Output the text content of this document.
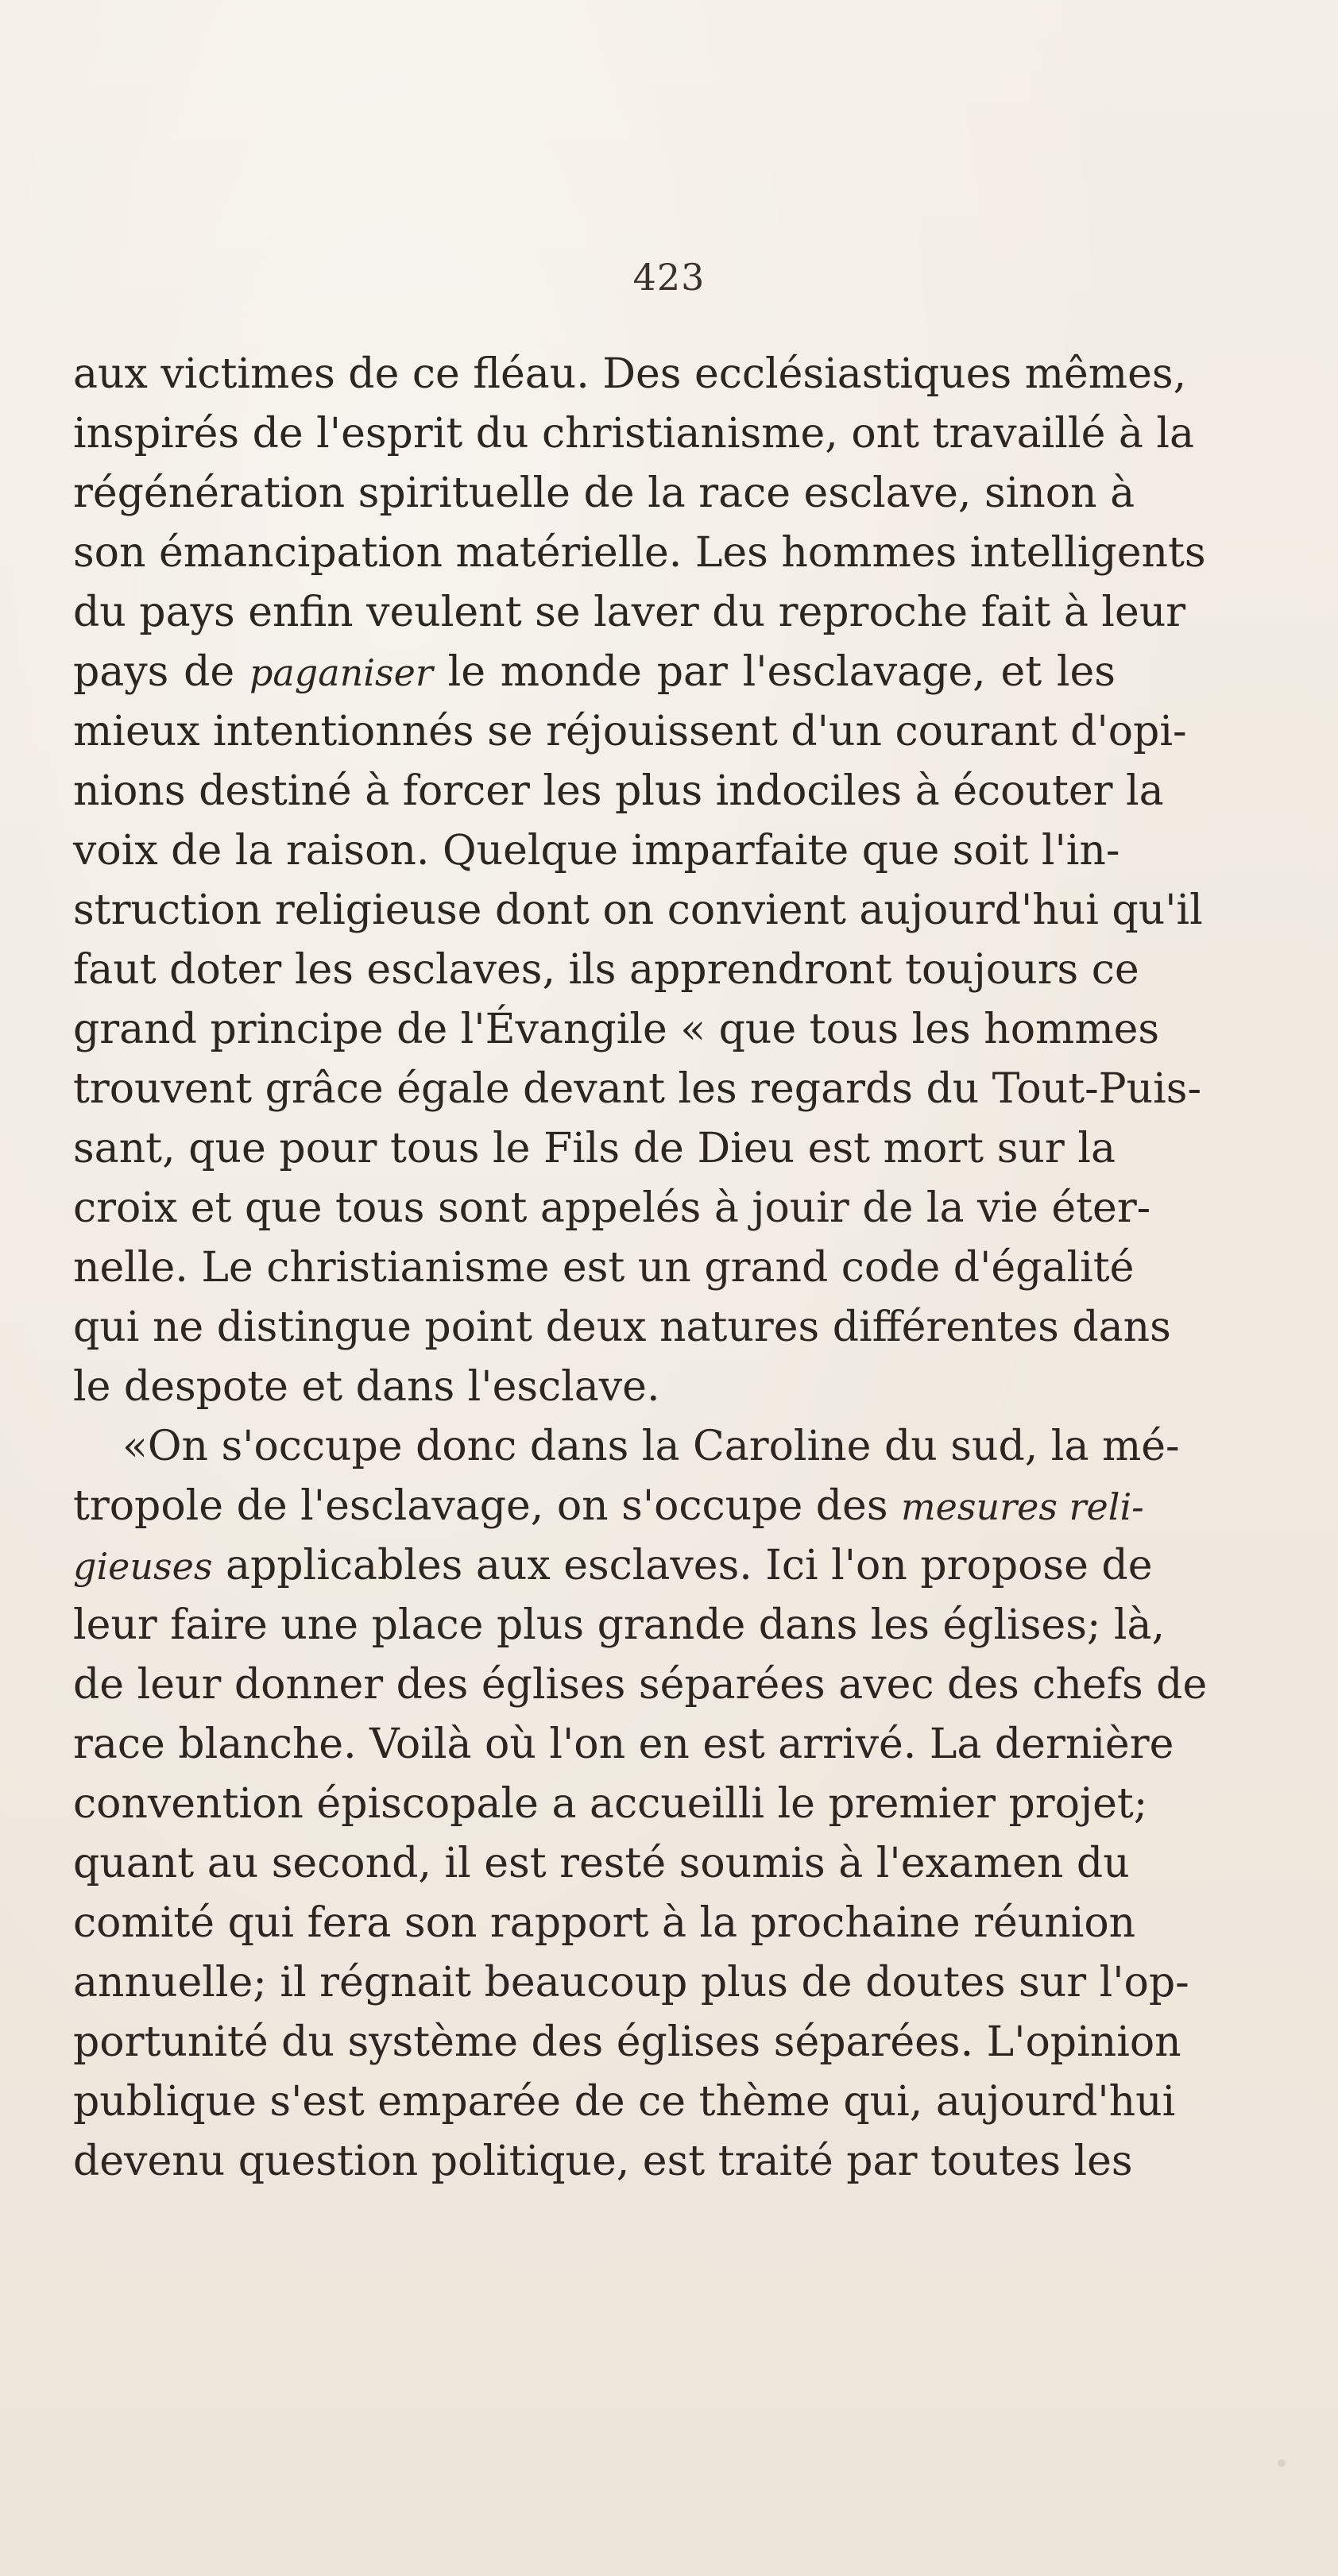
423
aux victimes de ce fléau. Des ecclésiastiques mêmes,
inspirés de l'esprit du christianisme, ont travaillé à la
régénération spirituelle de la race esclave, sinon à
son émancipation matérielle. Les hommes intelligents
du pays enfin veulent se laver du reproche fait à leur
pays de paganiser le monde par l'esclavage, et les
mieux intentionnés se réjouissent d'un courant d'opi-
nions destiné à forcer les plus indociles à écouter la
voix de la raison. Quelque imparfaite que soit l'in-
struction religieuse dont on convient aujourd'hui qu'il
faut doter les esclaves, ils apprendront toujours ce
grand principe de l'Évangile « que tous les hommes
trouvent grâce égale devant les regards du Tout-Puis-
sant, que pour tous le Fils de Dieu est mort sur la
croix et que tous sont appelés à jouir de la vie éter-
nelle. Le christianisme est un grand code d'égalité
qui ne distingue point deux natures différentes dans
le despote et dans l'esclave.
«On s'occupe donc dans la Caroline du sud, la mé-
tropole de l'esclavage, on s'occupe des mesures reli-
gieuses applicables aux esclaves. Ici l'on propose de
leur faire une place plus grande dans les églises; là,
de leur donner des églises séparées avec des chefs de
race blanche. Voilà où l'on en est arrivé. La dernière
convention épiscopale a accueilli le premier projet;
quant au second, il est resté soumis à l'examen du
comité qui fera son rapport à la prochaine réunion
annuelle; il régnait beaucoup plus de doutes sur l'op-
portunité du système des églises séparées. L'opinion
publique s'est emparée de ce thème qui, aujourd'hui
devenu question politique, est traité par toutes les
